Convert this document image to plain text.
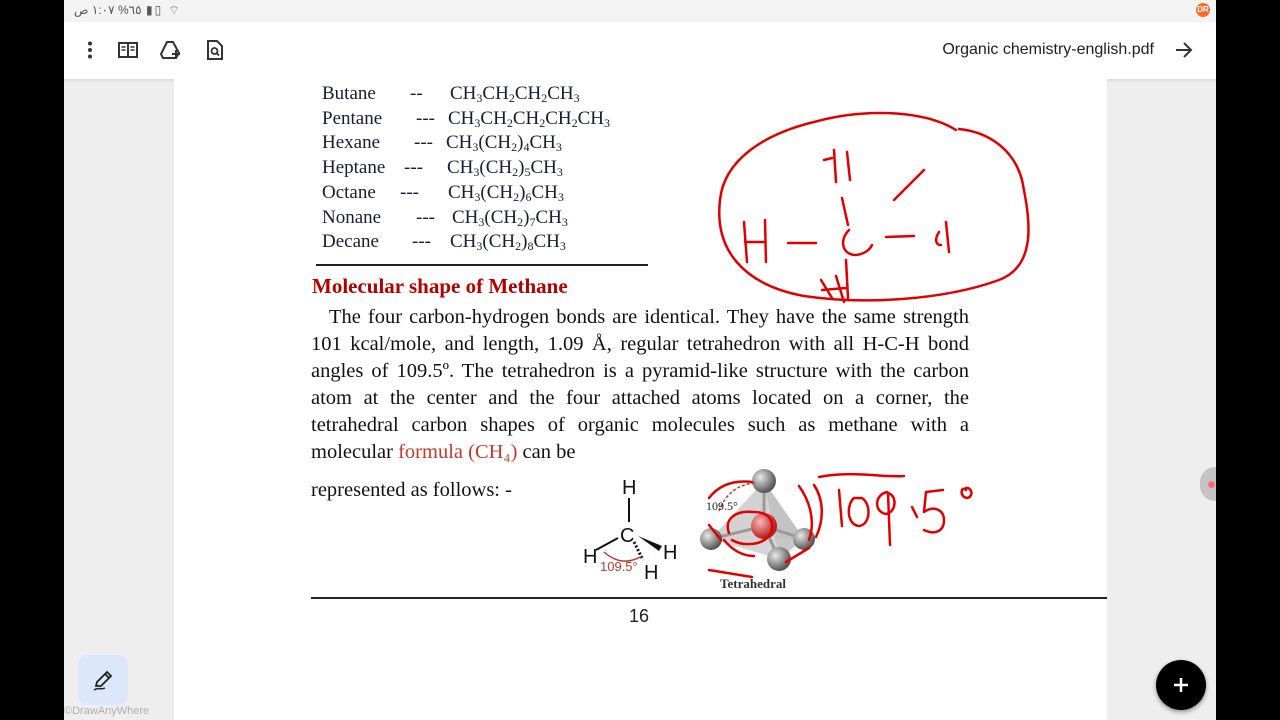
١:٠٧ ص %٦٥ ▮▯ ⌔	DR
Organic chemistry-english.pdf
Butane -- $CH_3CH_2CH_2CH_3$
Pentane --- $CH_3CH_2CH_2CH_2CH_3$
Hexane --- $CH_3(CH_2)_4CH_3$
Heptane --- $CH_3(CH_2)_5CH_3$
Octane --- $CH_3(CH_2)_6CH_3$
Nonane --- $CH_3(CH_2)_7CH_3$
Decane --- $CH_3(CH_2)_8CH_3$
Molecular shape of Methane
The four carbon-hydrogen bonds are identical. They have the same strength 101 kcal/mole, and length, 1.09 Å, regular tetrahedron with all H-C-H bond angles of 109.5º. The tetrahedron is a pyramid-like structure with the carbon atom at the center and the four attached atoms located on a corner, the tetrahedral carbon shapes of organic molecules such as methane with a molecular formula (CH₄) can be
represented as follows: -	H
C
H	H
H
109.5°
109.5°
Tetrahedral
16
©DrawAnyWhere
